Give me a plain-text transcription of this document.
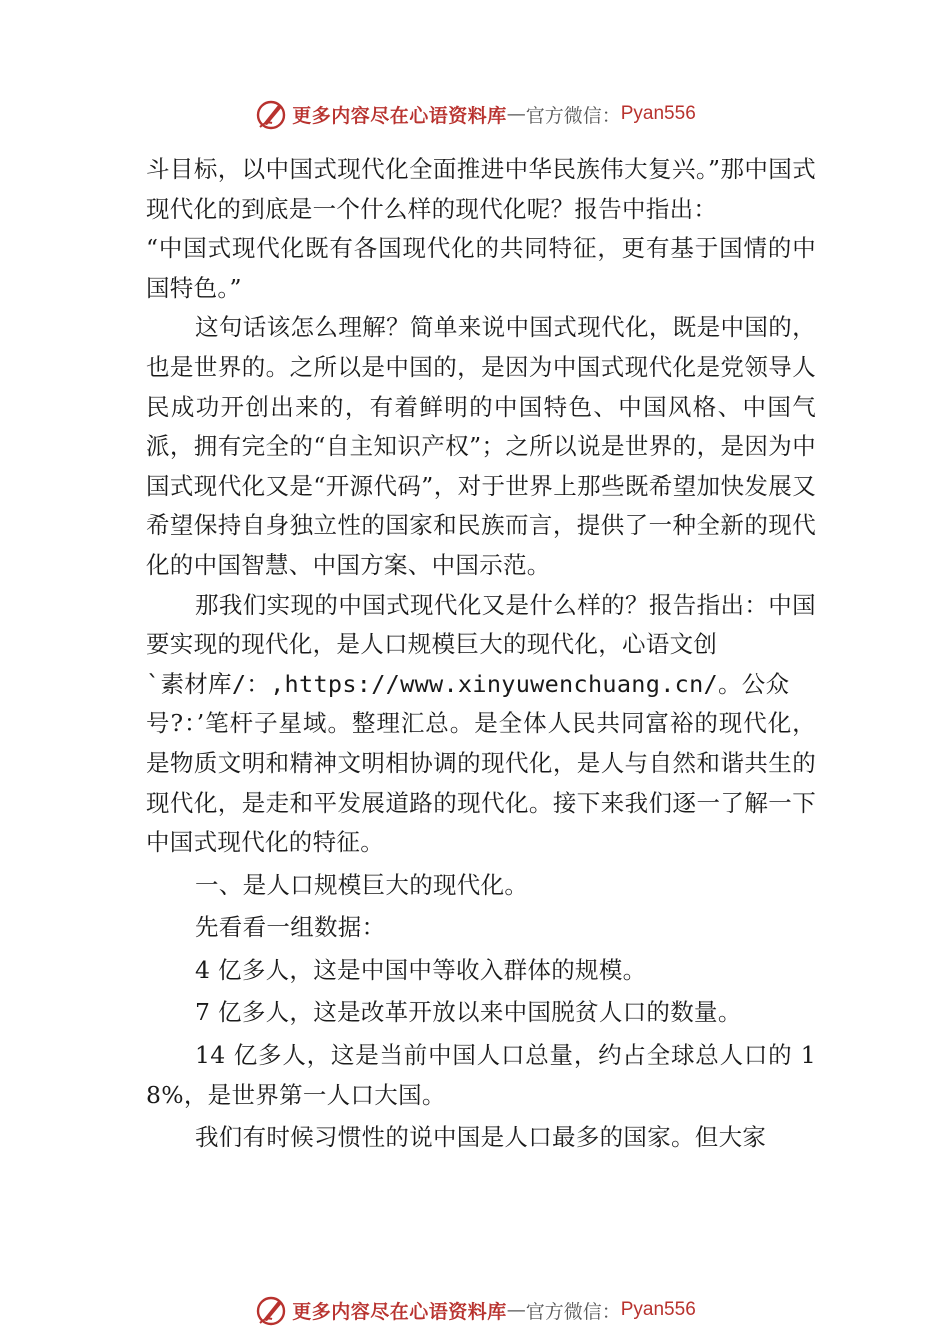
更多内容尽在心语资料库 — 官方微信： Pyan556

斗目标，以中国式现代化全面推进中华民族伟大复兴。”那中国式现代化的到底是一个什么样的现代化呢？报告中指出：

“中国式现代化既有各国现代化的共同特征，更有基于国情的中国特色。”

这句话该怎么理解？简单来说中国式现代化，既是中国的，也是世界的。之所以是中国的，是因为中国式现代化是党领导人民成功开创出来的，有着鲜明的中国特色、中国风格、中国气派，拥有完全的“自主知识产权”；之所以说是世界的，是因为中国式现代化又是“开源代码”，对于世界上那些既希望加快发展又希望保持自身独立性的国家和民族而言，提供了一种全新的现代化的中国智慧、中国方案、中国示范。

那我们实现的中国式现代化又是什么样的？报告指出：中国要实现的现代化，是人口规模巨大的现代化，心语文创

`素材库/：,https://www.xinyuwenchuang.cn/。公众

号?：’笔杆子星域。整理汇总。是全体人民共同富裕的现代化，是物质文明和精神文明相协调的现代化，是人与自然和谐共生的现代化，是走和平发展道路的现代化。接下来我们逐一了解一下中国式现代化的特征。

一、是人口规模巨大的现代化。

先看看一组数据：

4 亿多人，这是中国中等收入群体的规模。

7 亿多人，这是改革开放以来中国脱贫人口的数量。

14 亿多人，这是当前中国人口总量，约占全球总人口的 18%，是世界第一人口大国。

我们有时候习惯性的说中国是人口最多的国家。但大家

更多内容尽在心语资料库 — 官方微信： Pyan556
